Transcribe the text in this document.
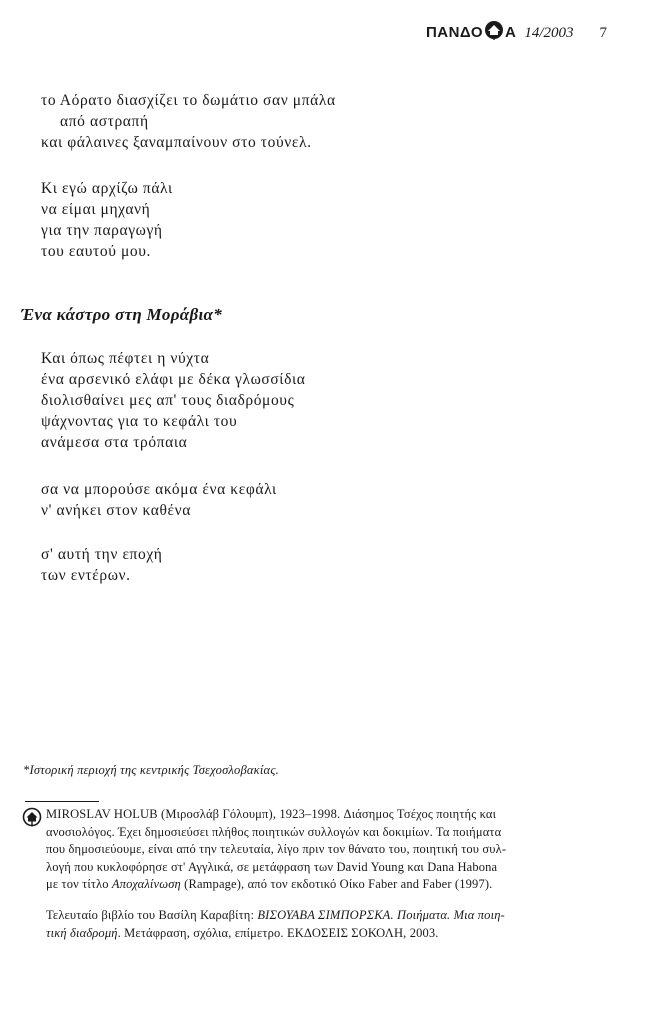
ΠΑΝΔΟ Α 14/2003 7
το Αόρατο διασχίζει το δωμάτιο σαν μπάλα
από αστραπή
και φάλαινες ξαναμπαίνουν στο τούνελ.
Κι εγώ αρχίζω πάλι
να είμαι μηχανή
για την παραγωγή
του εαυτού μου.
Ένα κάστρο στη Μοράβια*
Και όπως πέφτει η νύχτα
ένα αρσενικό ελάφι με δέκα γλωσσίδια
διολισθαίνει μες απ' τους διαδρόμους
ψάχνοντας για το κεφάλι του
ανάμεσα στα τρόπαια
σα να μπορούσε ακόμα ένα κεφάλι
ν' ανήκει στον καθένα
σ' αυτή την εποχή
των εντέρων.
*Ιστορική περιοχή της κεντρικής Τσεχοσλοβακίας.
MIROSLAV HOLUB (Μιροσλάβ Γόλουμπ), 1923–1998. Διάσημος Τσέχος ποιητής και
ανοσιολόγος. Έχει δημοσιεύσει πλήθος ποιητικών συλλογών και δοκιμίων. Τα ποιήματα
που δημοσιεύουμε, είναι από την τελευταία, λίγο πριν τον θάνατο του, ποιητική του συλ-
λογή που κυκλοφόρησε στ' Αγγλικά, σε μετάφραση των David Young και Dana Habona
με τον τίτλο Αποχαλίνωση (Rampage), από τον εκδοτικό Οίκο Faber and Faber (1997).
Τελευταίο βιβλίο του Βασίλη Καραβίτη: ΒΙΣΟΥΑΒΑ ΣΙΜΠΟΡΣΚΑ. Ποιήματα. Μια ποιη-
τική διαδρομή. Μετάφραση, σχόλια, επίμετρο. ΕΚΔΟΣΕΙΣ ΣΟΚΟΛΗ, 2003.
